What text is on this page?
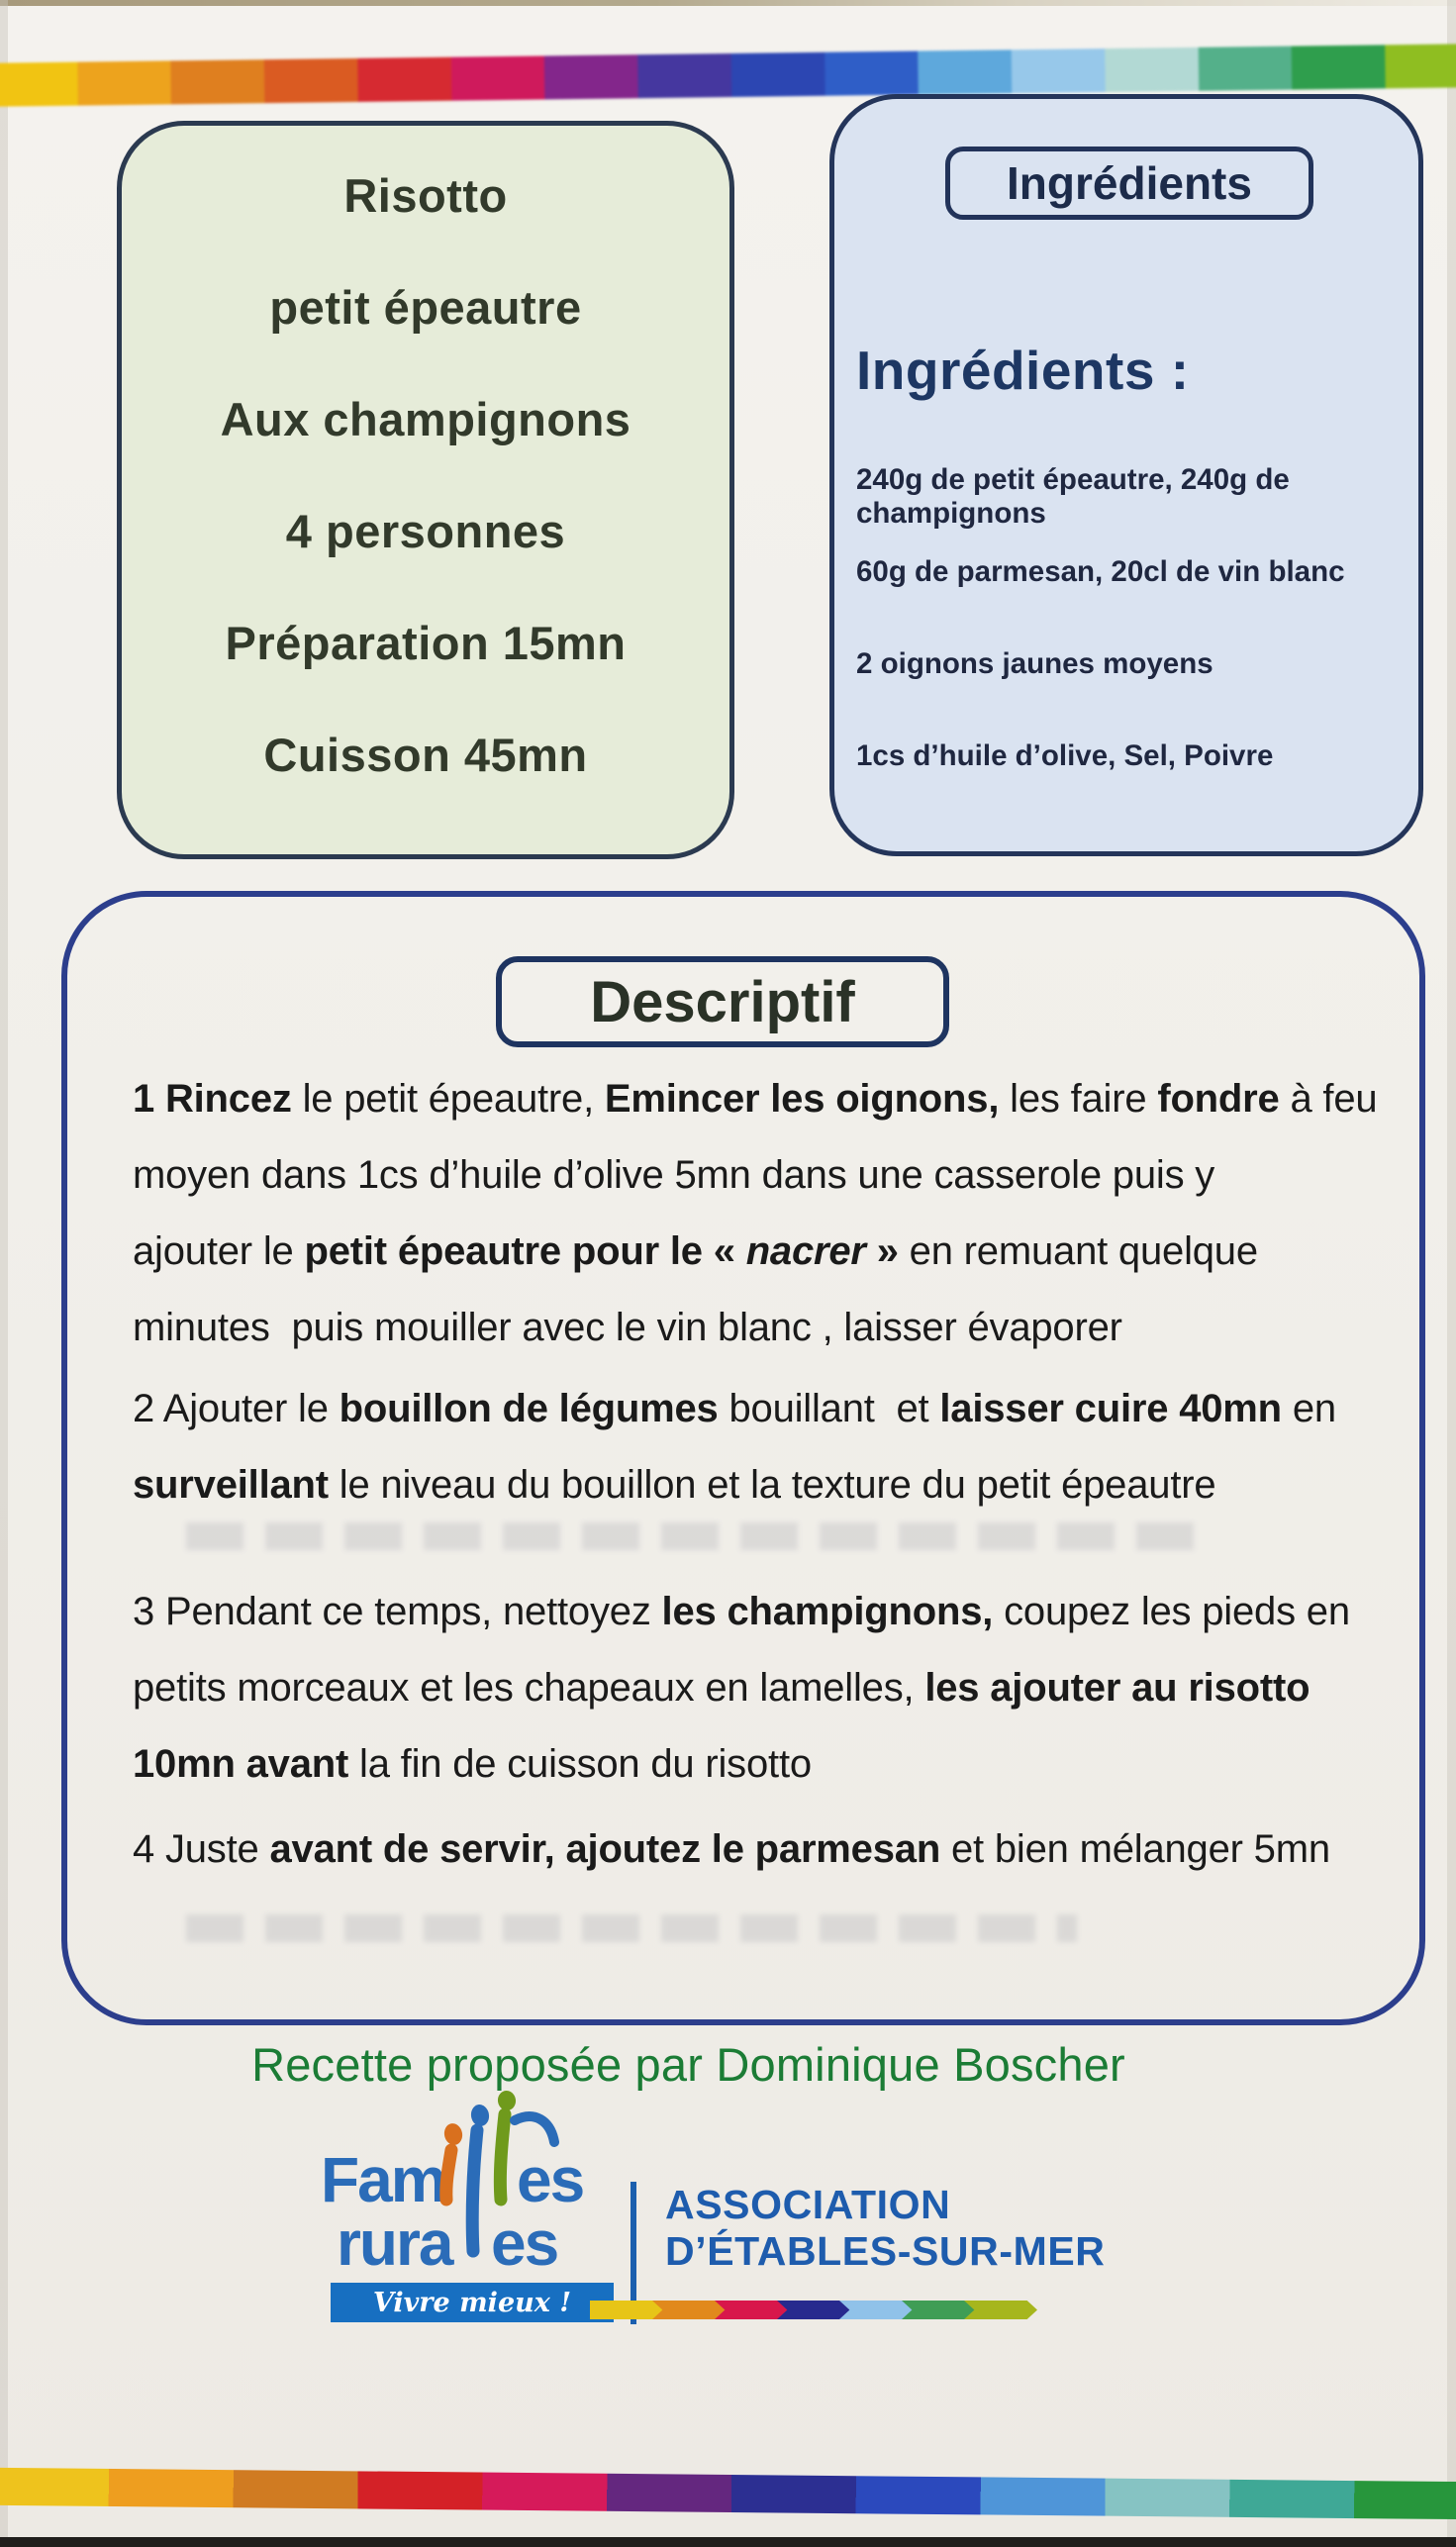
Risotto
petit épeautre
Aux champignons
4 personnes
Préparation 15mn
Cuisson 45mn
Ingrédients
Ingrédients :
240g de petit épeautre, 240g de champignons
60g de parmesan, 20cl de vin blanc
2 oignons jaunes moyens
1cs d’huile d’olive, Sel, Poivre
Descriptif
1 Rincez le petit épeautre, Emincer les oignons, les faire fondre à feu
moyen dans 1cs d’huile d’olive 5mn dans une casserole puis y
ajouter le petit épeautre pour le « nacrer » en remuant quelque
minutes  puis mouiller avec le vin blanc , laisser évaporer
2 Ajouter le bouillon de légumes bouillant  et laisser cuire 40mn en
surveillant le niveau du bouillon et la texture du petit épeautre
3 Pendant ce temps, nettoyez les champignons, coupez les pieds en
petits morceaux et les chapeaux en lamelles, les ajouter au risotto
10mn avant la fin de cuisson du risotto
4 Juste avant de servir, ajoutez le parmesan et bien mélanger 5mn
Recette proposée par Dominique Boscher
Fam es
rura es
Vivre mieux !
ASSOCIATION
D’ÉTABLES-SUR-MER
